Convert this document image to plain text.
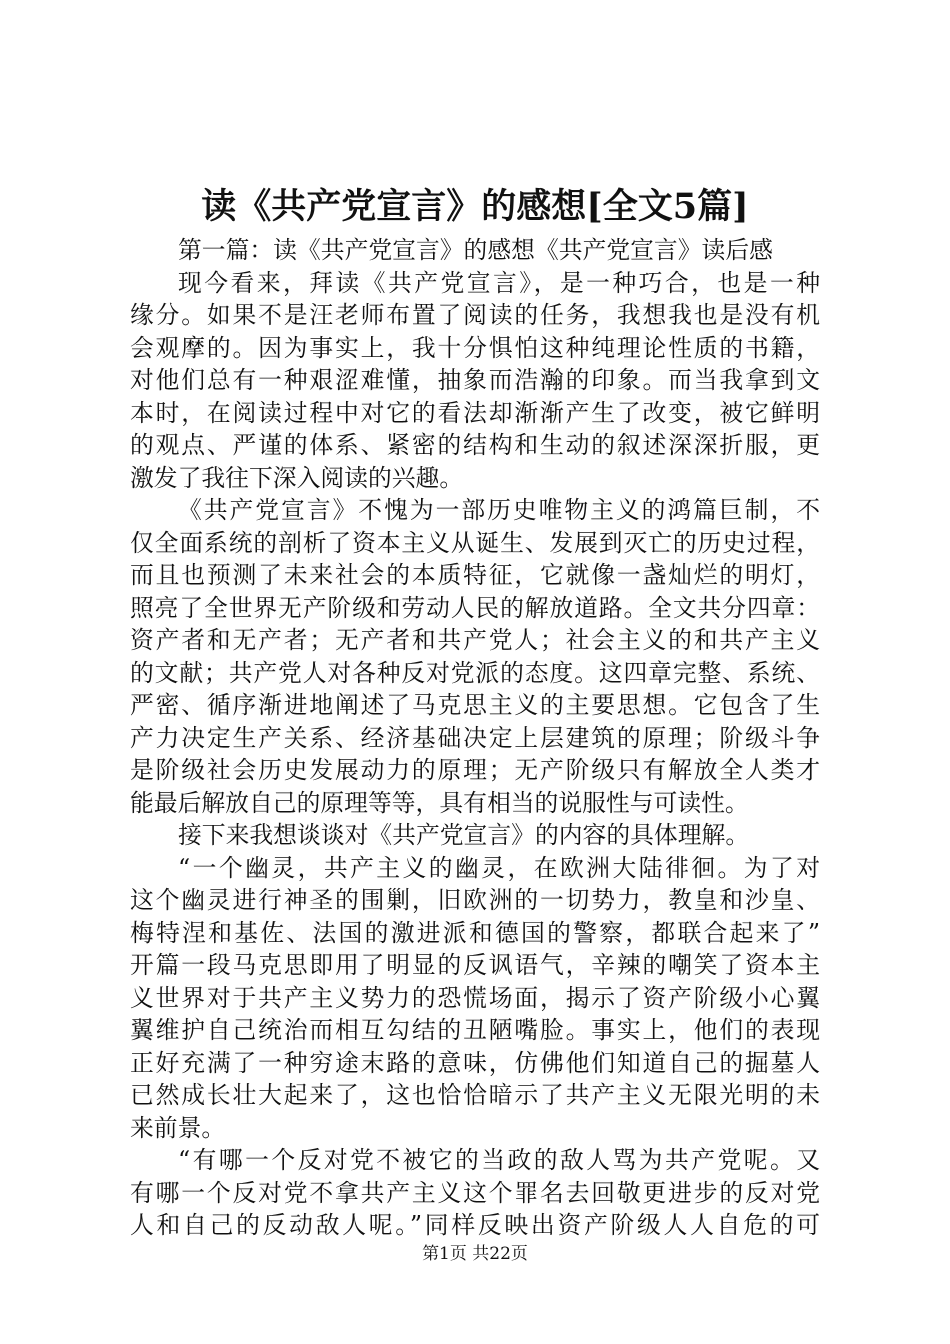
读《共产党宣言》的感想[全文5篇]
第一篇：读《共产党宣言》的感想《共产党宣言》读后感
现今看来，拜读《共产党宣言》，是一种巧合，也是一种
缘分。如果不是汪老师布置了阅读的任务，我想我也是没有机
会观摩的。因为事实上，我十分惧怕这种纯理论性质的书籍，
对他们总有一种艰涩难懂，抽象而浩瀚的印象。而当我拿到文
本时，在阅读过程中对它的看法却渐渐产生了改变，被它鲜明
的观点、严谨的体系、紧密的结构和生动的叙述深深折服，更
激发了我往下深入阅读的兴趣。
《共产党宣言》不愧为一部历史唯物主义的鸿篇巨制，不
仅全面系统的剖析了资本主义从诞生、发展到灭亡的历史过程，
而且也预测了未来社会的本质特征，它就像一盏灿烂的明灯，
照亮了全世界无产阶级和劳动人民的解放道路。全文共分四章：
资产者和无产者；无产者和共产党人；社会主义的和共产主义
的文献；共产党人对各种反对党派的态度。这四章完整、系统、
严密、循序渐进地阐述了马克思主义的主要思想。它包含了生
产力决定生产关系、经济基础决定上层建筑的原理；阶级斗争
是阶级社会历史发展动力的原理；无产阶级只有解放全人类才
能最后解放自己的原理等等，具有相当的说服性与可读性。
接下来我想谈谈对《共产党宣言》的内容的具体理解。
“一个幽灵，共产主义的幽灵，在欧洲大陆徘徊。为了对
这个幽灵进行神圣的围剿，旧欧洲的一切势力，教皇和沙皇、
梅特涅和基佐、法国的激进派和德国的警察，都联合起来了”
开篇一段马克思即用了明显的反讽语气，辛辣的嘲笑了资本主
义世界对于共产主义势力的恐慌场面，揭示了资产阶级小心翼
翼维护自己统治而相互勾结的丑陋嘴脸。事实上，他们的表现
正好充满了一种穷途末路的意味，仿佛他们知道自己的掘墓人
已然成长壮大起来了，这也恰恰暗示了共产主义无限光明的未
来前景。
“有哪一个反对党不被它的当政的敌人骂为共产党呢。又
有哪一个反对党不拿共产主义这个罪名去回敬更进步的反对党
人和自己的反动敌人呢。”同样反映出资产阶级人人自危的可
第1页 共22页
